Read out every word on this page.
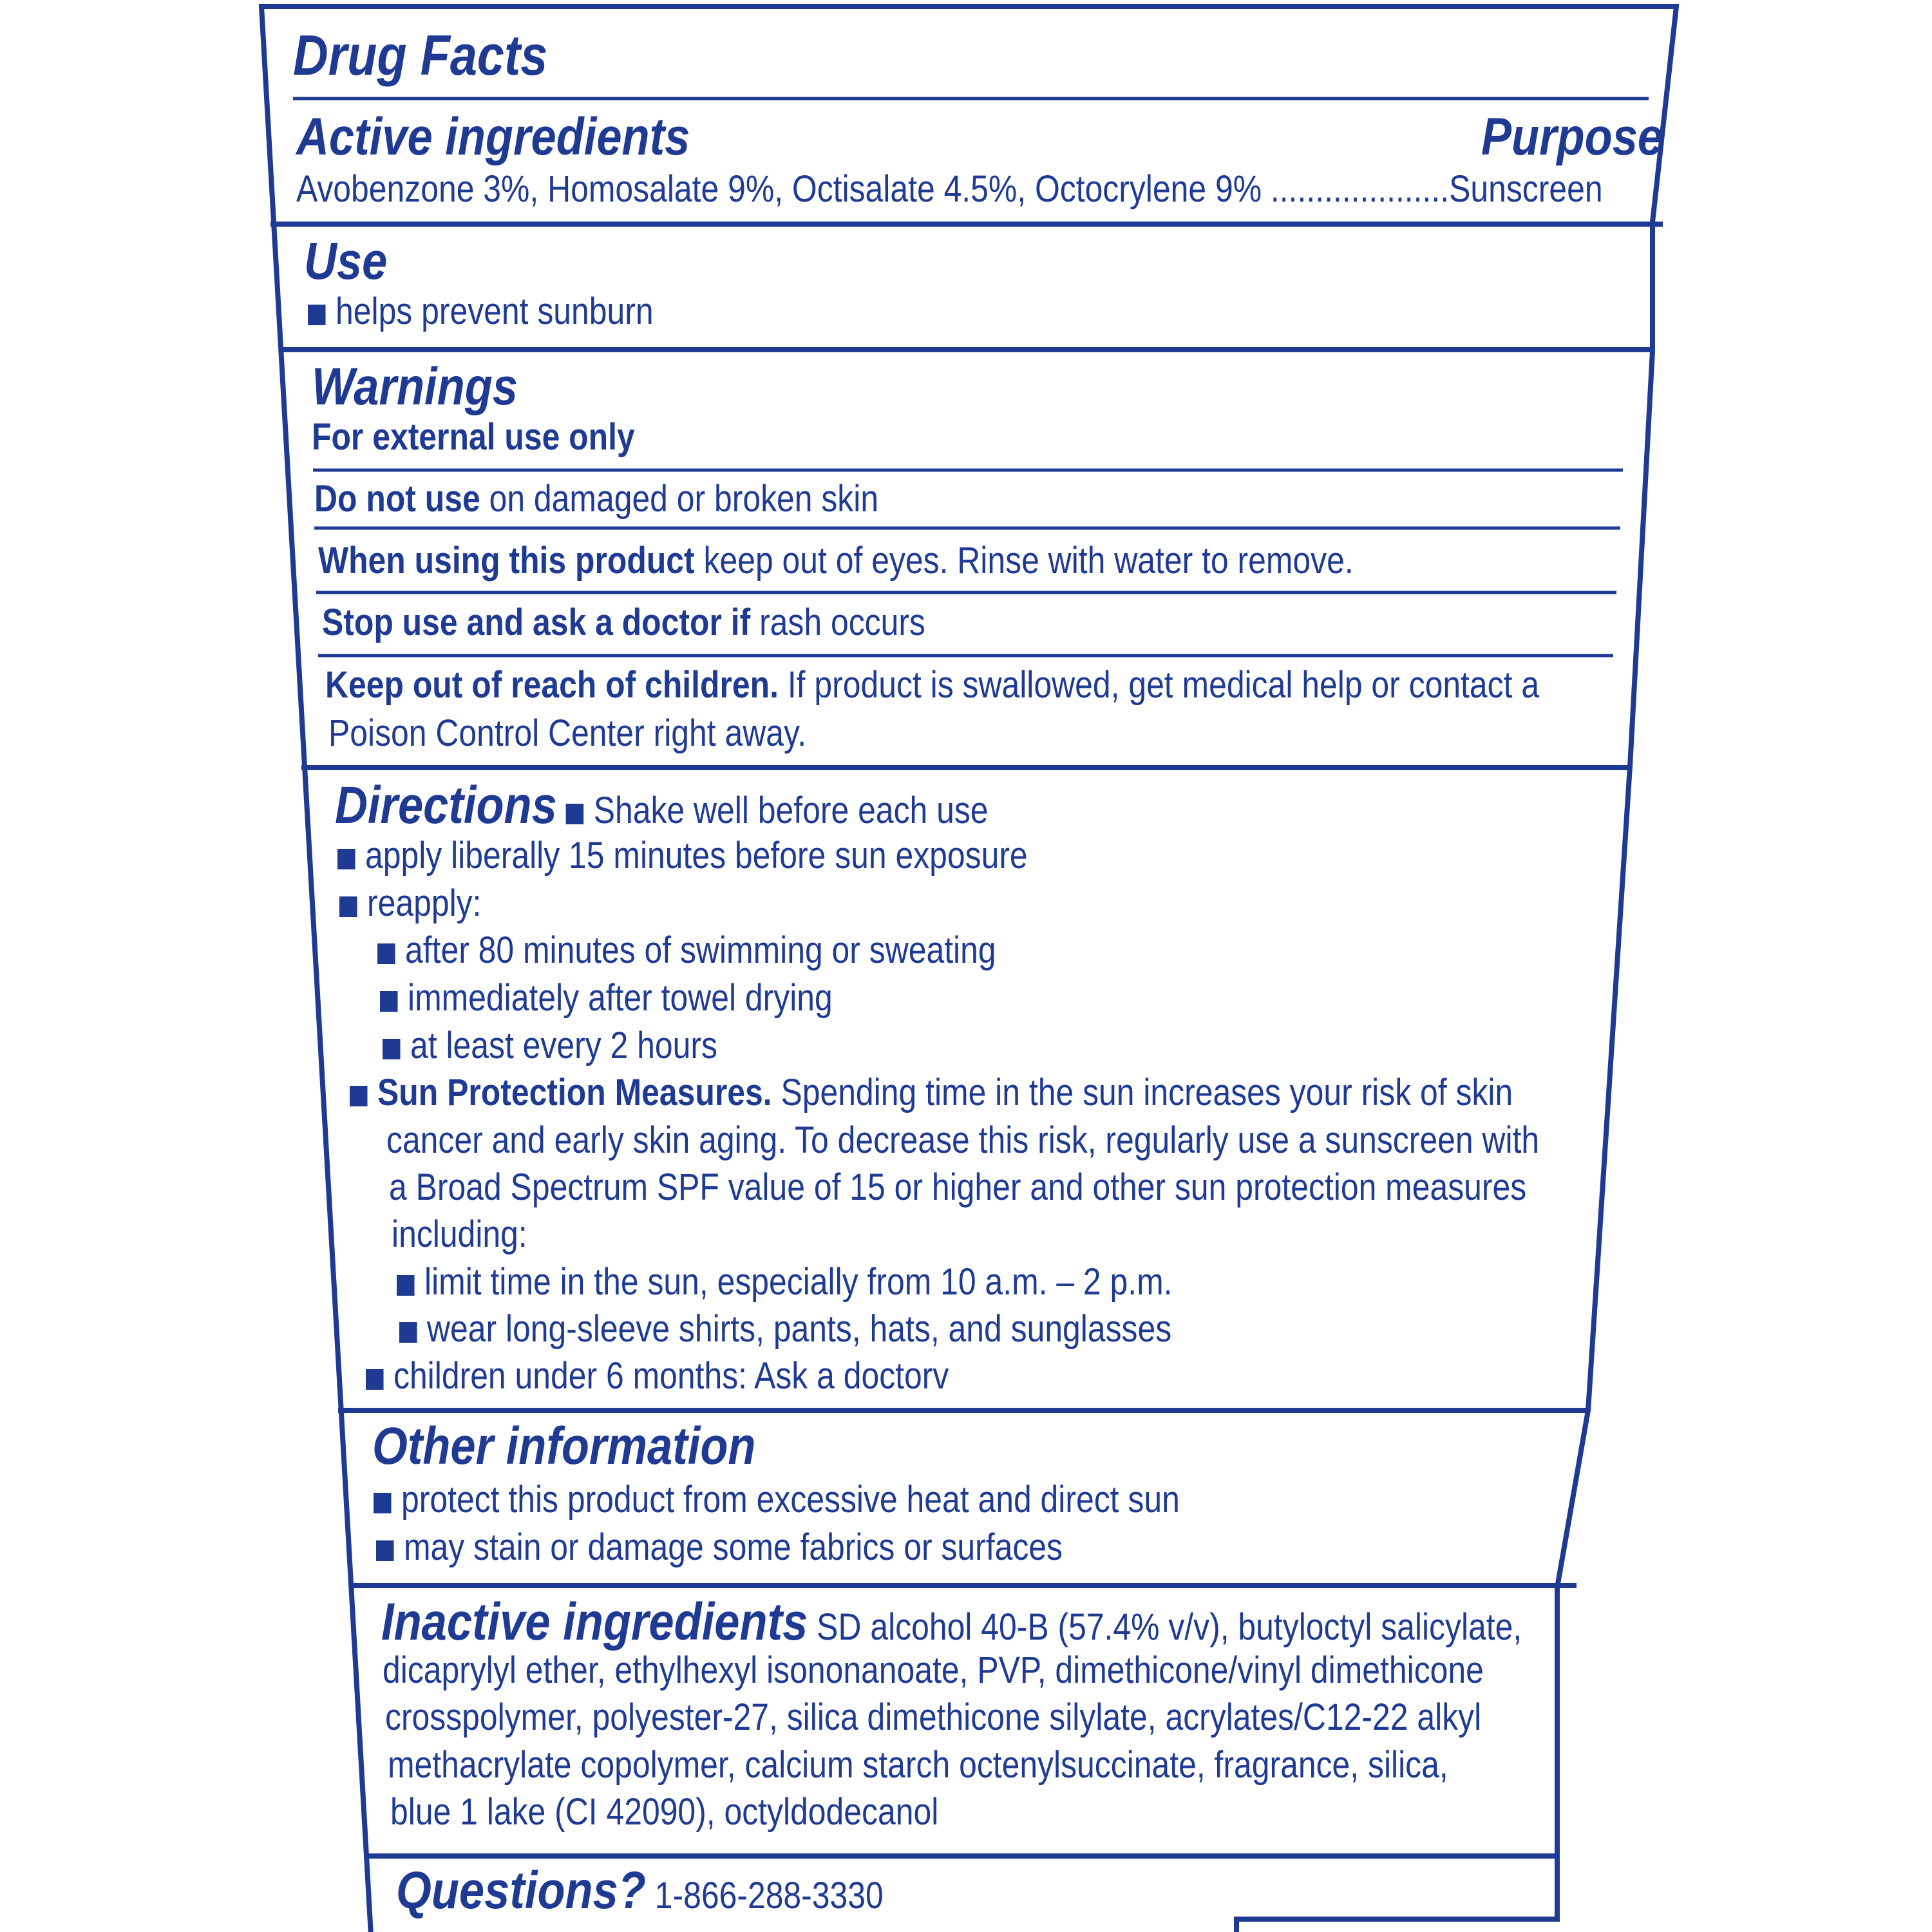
Drug Facts
Active ingredients	Purpose
Avobenzone 3%, Homosalate 9%, Octisalate 4.5%, Octocrylene 9% ....................Sunscreen
Use
helps prevent sunburn
Warnings
For external use only
Do not use on damaged or broken skin
When using this product keep out of eyes. Rinse with water to remove.
Stop use and ask a doctor if rash occurs
Keep out of reach of children. If product is swallowed, get medical help or contact a
Poison Control Center right away.
Directions Shake well before each use
apply liberally 15 minutes before sun exposure
reapply:
after 80 minutes of swimming or sweating
immediately after towel drying
at least every 2 hours
Sun Protection Measures. Spending time in the sun increases your risk of skin
cancer and early skin aging. To decrease this risk, regularly use a sunscreen with
a Broad Spectrum SPF value of 15 or higher and other sun protection measures
including:
limit time in the sun, especially from 10 a.m. – 2 p.m.
wear long-sleeve shirts, pants, hats, and sunglasses
children under 6 months: Ask a doctorv
Other information
protect this product from excessive heat and direct sun
may stain or damage some fabrics or surfaces
Inactive ingredients SD alcohol 40-B (57.4% v/v), butyloctyl salicylate,
dicaprylyl ether, ethylhexyl isononanoate, PVP, dimethicone/vinyl dimethicone
crosspolymer, polyester-27, silica dimethicone silylate, acrylates/C12-22 alkyl
methacrylate copolymer, calcium starch octenylsuccinate, fragrance, silica,
blue 1 lake (CI 42090), octyldodecanol
Questions? 1-866-288-3330
